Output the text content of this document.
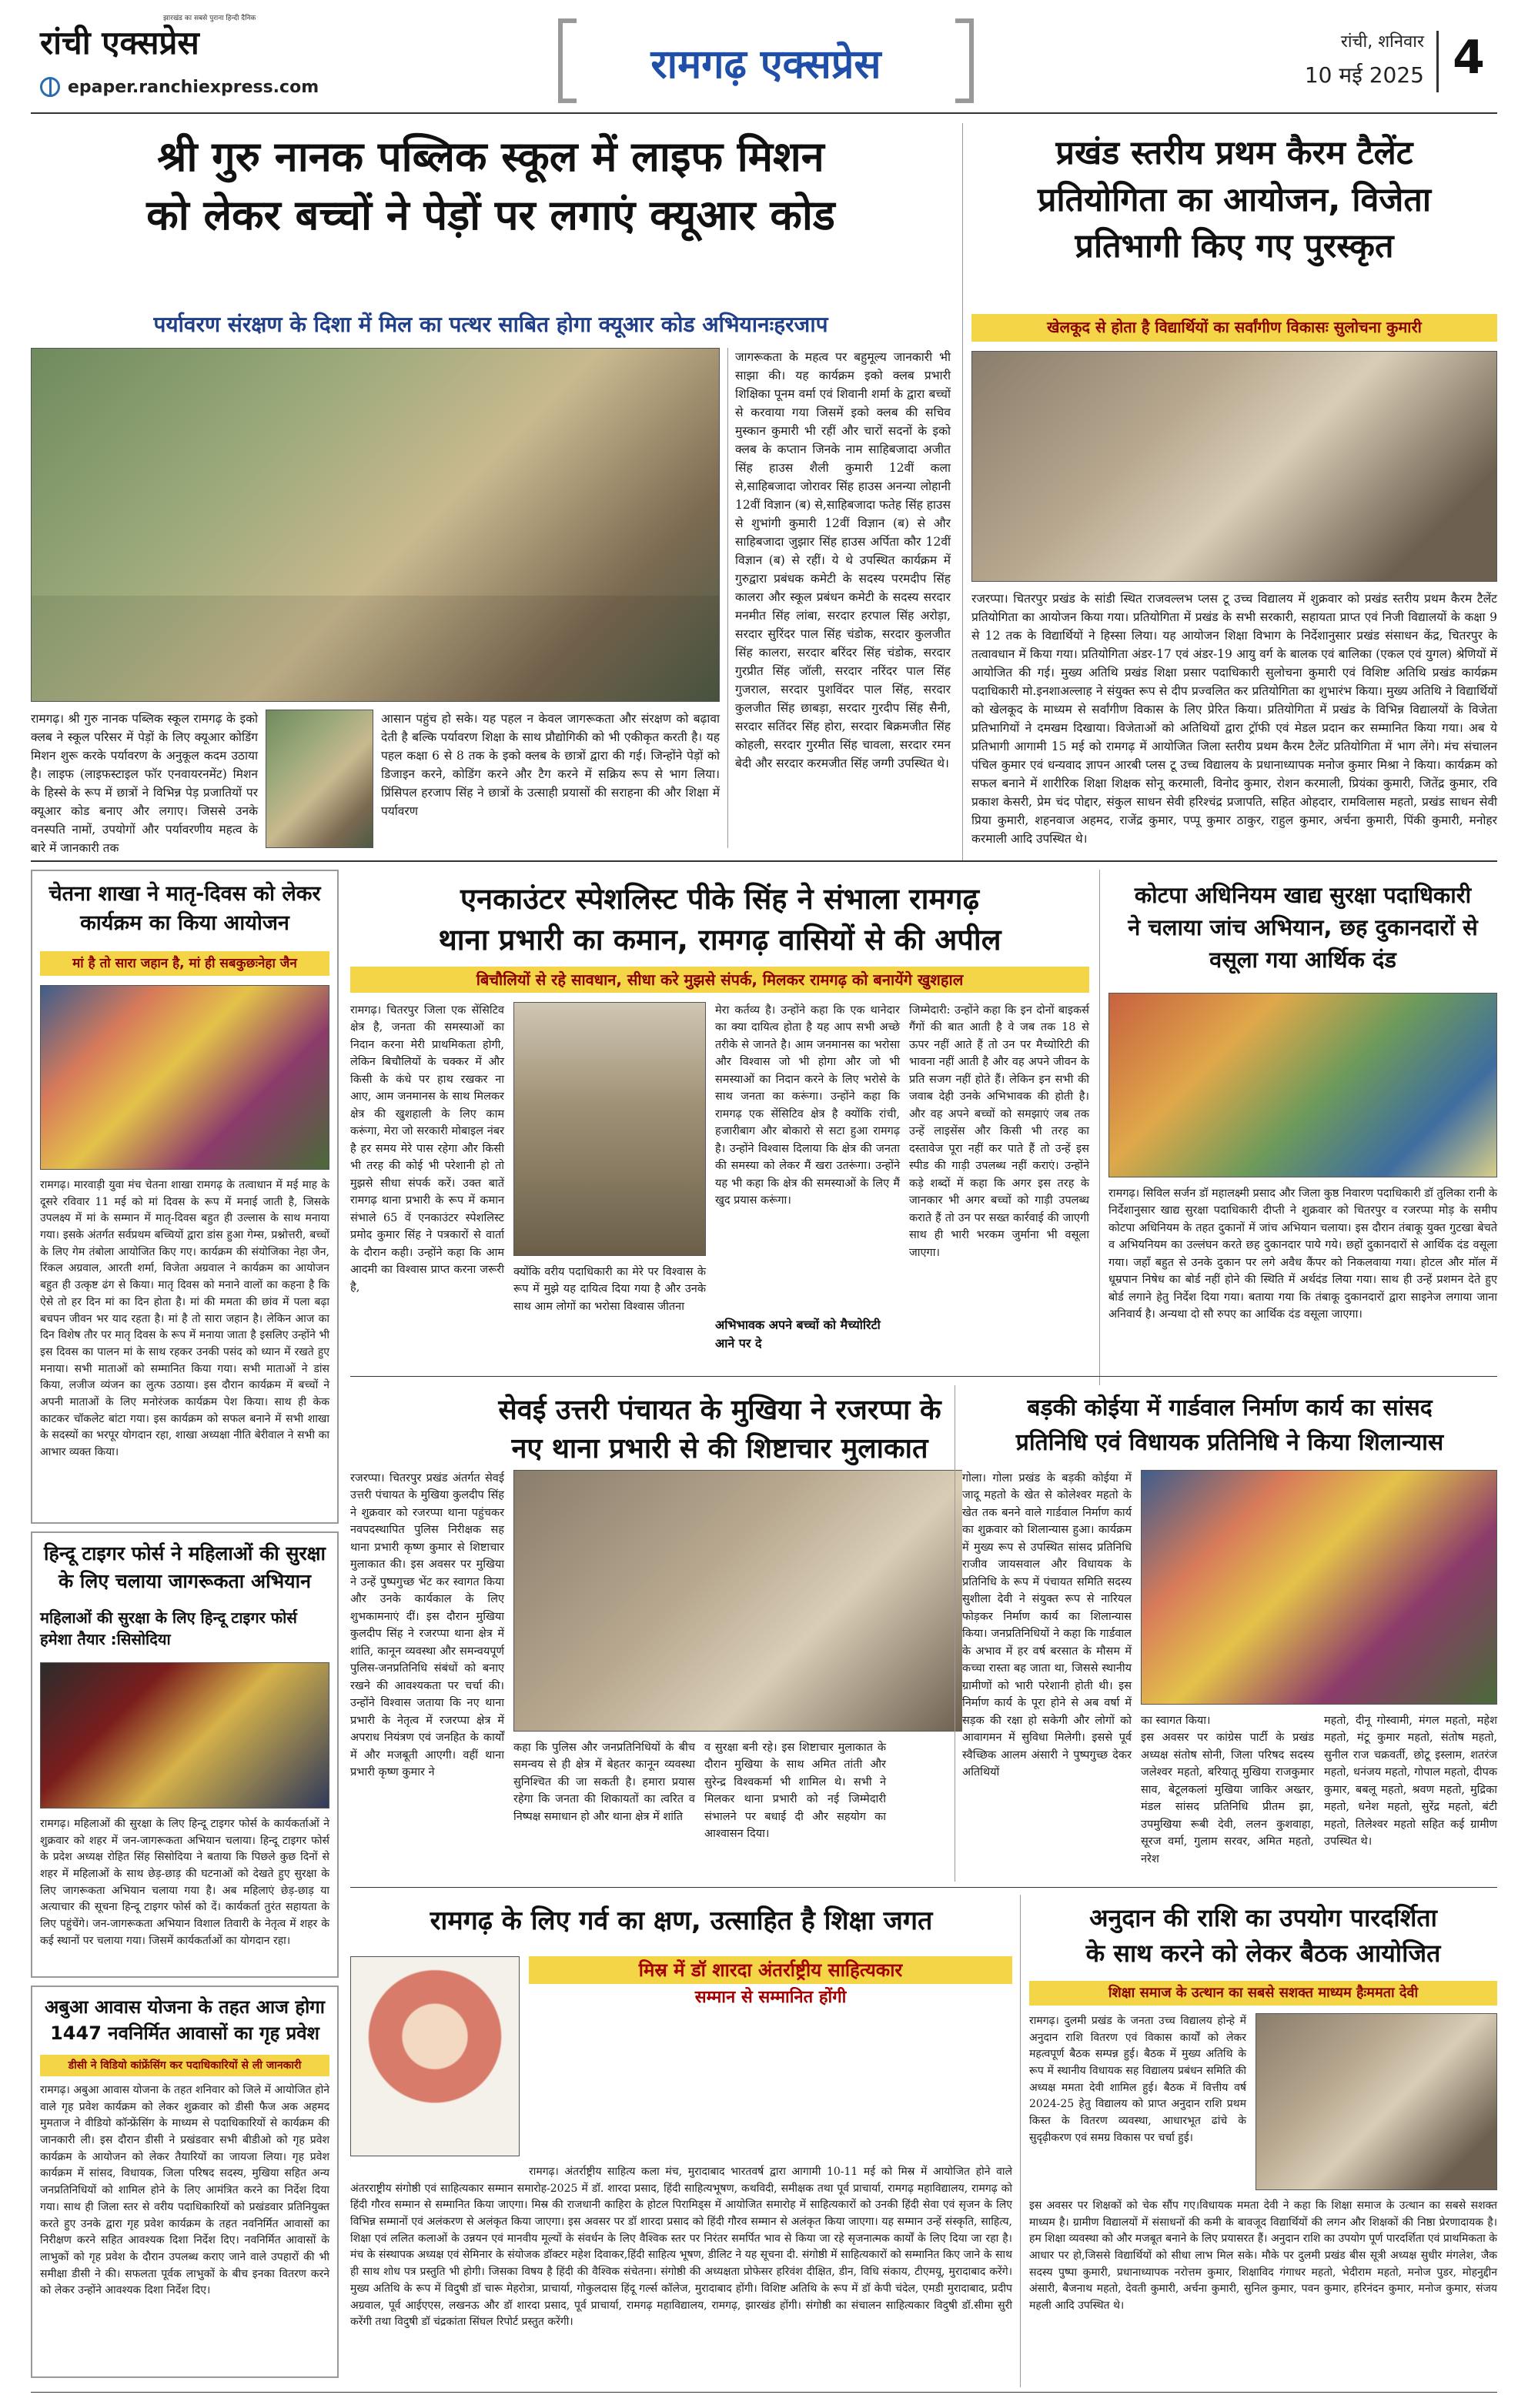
रांची एक्सप्रेस
झारखंड का सबसे पुराना हिन्दी दैनिक
epaper.ranchiexpress.com	रामगढ़ एक्सप्रेस	रांची, शनिवार
10 मई 2025 4
श्री गुरु नानक पब्लिक स्कूल में लाइफ मिशन
को लेकर बच्चों ने पेड़ों पर लगाएं क्यूआर कोड
पर्यावरण संरक्षण के दिशा में मिल का पत्थर साबित होगा क्यूआर कोड अभियानःहरजाप
रामगढ़। श्री गुरु नानक पब्लिक स्कूल रामगढ़ के इको क्लब ने स्कूल परिसर में पेड़ों के लिए क्यूआर कोडिंग मिशन शुरू करके पर्यावरण के अनुकूल कदम उठाया है। लाइफ (लाइफस्टाइल फॉर एनवायरनमेंट) मिशन के हिस्से के रूप में छात्रों ने विभिन्न पेड़ प्रजातियों पर क्यूआर कोड बनाए और लगाए। जिससे उनके वनस्पति नामों, उपयोगों और पर्यावरणीय महत्व के बारे में जानकारी तक
आसान पहुंच हो सके। यह पहल न केवल जागरूकता और संरक्षण को बढ़ावा देती है बल्कि पर्यावरण शिक्षा के साथ प्रौद्योगिकी को भी एकीकृत करती है। यह पहल कक्षा 6 से 8 तक के इको क्लब के छात्रों द्वारा की गई। जिन्होंने पेड़ों को डिजाइन करने, कोडिंग करने और टैग करने में सक्रिय रूप से भाग लिया। प्रिंसिपल हरजाप सिंह ने छात्रों के उत्साही प्रयासों की सराहना की और शिक्षा में पर्यावरण
जागरूकता के महत्व पर बहुमूल्य जानकारी भी साझा की। यह कार्यक्रम इको क्लब प्रभारी शिक्षिका पूनम वर्मा एवं शिवानी शर्मा के द्वारा बच्चों से करवाया गया जिसमें इको क्लब की सचिव मुस्कान कुमारी भी रहीं और चारों सदनों के इको क्लब के कप्तान जिनके नाम साहिबजादा अजीत सिंह हाउस शैली कुमारी 12वीं कला से,साहिबजादा जोरावर सिंह हाउस अनन्या लोहानी 12वीं विज्ञान (ब) से,साहिबजादा फतेह सिंह हाउस से शुभांगी कुमारी 12वीं विज्ञान (ब) से और साहिबजादा जुझार सिंह हाउस अर्पिता कौर 12वीं विज्ञान (ब) से रहीं। ये थे उपस्थित कार्यक्रम में गुरुद्वारा प्रबंधक कमेटी के सदस्य परमदीप सिंह कालरा और स्कूल प्रबंधन कमेटी के सदस्य सरदार मनमीत सिंह लांबा, सरदार हरपाल सिंह अरोड़ा, सरदार सुरिंदर पाल सिंह चंडोक, सरदार कुलजीत सिंह कालरा, सरदार बरिंदर सिंह चंडोक, सरदार गुरप्रीत सिंह जॉली, सरदार नरिंदर पाल सिंह गुजराल, सरदार पुशविंदर पाल सिंह, सरदार कुलजीत सिंह छाबड़ा, सरदार गुरदीप सिंह सैनी, सरदार सतिंदर सिंह होरा, सरदार बिक्रमजीत सिंह कोहली, सरदार गुरमीत सिंह चावला, सरदार रमन बेदी और सरदार करमजीत सिंह जग्गी उपस्थित थे।
प्रखंड स्तरीय प्रथम कैरम टैलेंट
प्रतियोगिता का आयोजन, विजेता
प्रतिभागी किए गए पुरस्कृत
खेलकूद से होता है विद्यार्थियों का सर्वांगीण विकासः सुलोचना कुमारी
रजरप्पा। चितरपुर प्रखंड के सांडी स्थित राजवल्लभ प्लस टू उच्च विद्यालय में शुक्रवार को प्रखंड स्तरीय प्रथम कैरम टैलेंट प्रतियोगिता का आयोजन किया गया। प्रतियोगिता में प्रखंड के सभी सरकारी, सहायता प्राप्त एवं निजी विद्यालयों के कक्षा 9 से 12 तक के विद्यार्थियों ने हिस्सा लिया। यह आयोजन शिक्षा विभाग के निर्देशानुसार प्रखंड संसाधन केंद्र, चितरपुर के तत्वावधान में किया गया। प्रतियोगिता अंडर-17 एवं अंडर-19 आयु वर्ग के बालक एवं बालिका (एकल एवं युगल) श्रेणियों में आयोजित की गई। मुख्य अतिथि प्रखंड शिक्षा प्रसार पदाधिकारी सुलोचना कुमारी एवं विशिष्ट अतिथि प्रखंड कार्यक्रम पदाधिकारी मो.इनशाअल्लाह ने संयुक्त रूप से दीप प्रज्वलित कर प्रतियोगिता का शुभारंभ किया। मुख्य अतिथि ने विद्यार्थियों को खेलकूद के माध्यम से सर्वांगीण विकास के लिए प्रेरित किया। प्रतियोगिता में प्रखंड के विभिन्न विद्यालयों के विजेता प्रतिभागियों ने दमखम दिखाया। विजेताओं को अतिथियों द्वारा ट्रॉफी एवं मेडल प्रदान कर सम्मानित किया गया। अब ये प्रतिभागी आगामी 15 मई को रामगढ़ में आयोजित जिला स्तरीय प्रथम कैरम टैलेंट प्रतियोगिता में भाग लेंगे। मंच संचालन पंचिल कुमार एवं धन्यवाद ज्ञापन आरबी प्लस टू उच्च विद्यालय के प्रधानाध्यापक मनोज कुमार मिश्रा ने किया। कार्यक्रम को सफल बनाने में शारीरिक शिक्षा शिक्षक सोनू करमाली, विनोद कुमार, रोशन करमाली, प्रियंका कुमारी, जितेंद्र कुमार, रवि प्रकाश केसरी, प्रेम चंद पोद्दार, संकुल साधन सेवी हरिश्चंद्र प्रजापति, सहित ओहदार, रामविलास महतो, प्रखंड साधन सेवी प्रिया कुमारी, शहनवाज अहमद, राजेंद्र कुमार, पप्पू कुमार ठाकुर, राहुल कुमार, अर्चना कुमारी, पिंकी कुमारी, मनोहर करमाली आदि उपस्थित थे।
चेतना शाखा ने मातृ-दिवस को लेकर
कार्यक्रम का किया आयोजन
मां है तो सारा जहान है, मां ही सबकुछःनेहा जैन
रामगढ़। मारवाड़ी युवा मंच चेतना शाखा रामगढ़ के तत्वाधान में मई माह के दूसरे रविवार 11 मई को मां दिवस के रूप में मनाई जाती है, जिसके उपलक्ष्य में मां के सम्मान में मातृ-दिवस बहुत ही उल्लास के साथ मनाया गया। इसके अंतर्गत सर्वप्रथम बच्चियों द्वारा डांस हुआ गेम्स, प्रश्नोत्तरी, बच्चों के लिए गेम तंबोला आयोजित किए गए। कार्यक्रम की संयोजिका नेहा जैन, रिंकल अग्रवाल, आरती शर्मा, विजेता अग्रवाल ने कार्यक्रम का आयोजन बहुत ही उत्कृष्ट ढंग से किया। मातृ दिवस को मनाने वालों का कहना है कि ऐसे तो हर दिन मां का दिन होता है। मां की ममता की छांव में पला बढ़ा बचपन जीवन भर याद रहता है। मां है तो सारा जहान है। लेकिन आज का दिन विशेष तौर पर मातृ दिवस के रूप में मनाया जाता है इसलिए उन्होंने भी इस दिवस का पालन मां के साथ रहकर उनकी पसंद को ध्यान में रखते हुए मनाया। सभी माताओं को सम्मानित किया गया। सभी माताओं ने डांस किया, लजीज व्यंजन का लुत्फ उठाया। इस दौरान कार्यक्रम में बच्चों ने अपनी माताओं के लिए मनोरंजक कार्यक्रम पेश किया। साथ ही केक काटकर चॉकलेट बांटा गया। इस कार्यक्रम को सफल बनाने में सभी शाखा के सदस्यों का भरपूर योगदान रहा, शाखा अध्यक्षा नीति बेरीवाल ने सभी का आभार व्यक्त किया।
हिन्दू टाइगर फोर्स ने महिलाओं की सुरक्षा
के लिए चलाया जागरूकता अभियान
महिलाओं की सुरक्षा के लिए हिन्दू टाइगर फोर्स
हमेशा तैयार :सिसोदिया
रामगढ़। महिलाओं की सुरक्षा के लिए हिन्दू टाइगर फोर्स के कार्यकर्ताओं ने शुक्रवार को शहर में जन-जागरूकता अभियान चलाया। हिन्दू टाइगर फोर्स के प्रदेश अध्यक्ष रोहित सिंह सिसोदिया ने बताया कि पिछले कुछ दिनों से शहर में महिलाओं के साथ छेड़-छाड़ की घटनाओं को देखते हुए सुरक्षा के लिए जागरूकता अभियान चलाया गया है। अब महिलाएं छेड़-छाड़ या अत्याचार की सूचना हिन्दू टाइगर फोर्स को दें। कार्यकर्ता तुरंत सहायता के लिए पहुंचेंगे। जन-जागरूकता अभियान विशाल तिवारी के नेतृत्व में शहर के कई स्थानों पर चलाया गया। जिसमें कार्यकर्ताओं का योगदान रहा।
अबुआ आवास योजना के तहत आज होगा
1447 नवनिर्मित आवासों का गृह प्रवेश
डीसी ने विडियो कांफ्रेंसिंग कर पदाधिकारियों से ली जानकारी
रामगढ़। अबुआ आवास योजना के तहत शनिवार को जिले में आयोजित होने वाले गृह प्रवेश कार्यक्रम को लेकर शुक्रवार को डीसी फैज अक अहमद मुमताज ने वीडियो कॉन्फ्रेंसिंग के माध्यम से पदाधिकारियों से कार्यक्रम की जानकारी ली। इस दौरान डीसी ने प्रखंडवार सभी बीडीओ को गृह प्रवेश कार्यक्रम के आयोजन को लेकर तैयारियों का जायजा लिया। गृह प्रवेश कार्यक्रम में सांसद, विधायक, जिला परिषद सदस्य, मुखिया सहित अन्य जनप्रतिनिधियों को शामिल होने के लिए आमंत्रित करने का निर्देश दिया गया। साथ ही जिला स्तर से वरीय पदाधिकारियों को प्रखंडवार प्रतिनियुक्त करते हुए उनके द्वारा गृह प्रवेश कार्यक्रम के तहत नवनिर्मित आवासों का निरीक्षण करने सहित आवश्यक दिशा निर्देश दिए। नवनिर्मित आवासों के लाभुकों को गृह प्रवेश के दौरान उपलब्ध कराए जाने वाले उपहारों की भी समीक्षा डीसी ने की। सफलता पूर्वक लाभुकों के बीच इनका वितरण करने को लेकर उन्होंने आवश्यक दिशा निर्देश दिए।
एनकाउंटर स्पेशलिस्ट पीके सिंह ने संभाला रामगढ़
थाना प्रभारी का कमान, रामगढ़ वासियों से की अपील
बिचौलियों से रहे सावधान, सीधा करे मुझसे संपर्क, मिलकर रामगढ़ को बनायेंगे खुशहाल
रामगढ़। चितरपुर जिला एक सेंसिटिव क्षेत्र है, जनता की समस्याओं का निदान करना मेरी प्राथमिकता होगी, लेकिन बिचौलियों के चक्कर में और किसी के कंधे पर हाथ रखकर ना आए, आम जनमानस के साथ मिलकर क्षेत्र की खुशहाली के लिए काम करूंगा, मेरा जो सरकारी मोबाइल नंबर है हर समय मेरे पास रहेगा और किसी भी तरह की कोई भी परेशानी हो तो मुझसे सीधा संपर्क करें। उक्त बातें रामगढ़ थाना प्रभारी के रूप में कमान संभाले 65 वें एनकाउंटर स्पेशलिस्ट प्रमोद कुमार सिंह ने पत्रकारों से वार्ता के दौरान कही। उन्होंने कहा कि आम आदमी का विश्वास प्राप्त करना जरूरी है,
क्योंकि वरीय पदाधिकारी का मेरे पर विश्वास के रूप में मुझे यह दायित्व दिया गया है और उनके साथ आम लोगों का भरोसा विश्वास जीतना
मेरा कर्तव्य है। उन्होंने कहा कि एक थानेदार का क्या दायित्व होता है यह आप सभी अच्छे तरीके से जानते है। आम जनमानस का भरोसा और विश्वास जो भी होगा और जो भी समस्याओं का निदान करने के लिए भरोसे के साथ जनता का करूंगा। उन्होंने कहा कि रामगढ़ एक सेंसिटिव क्षेत्र है क्योंकि रांची, हजारीबाग और बोकारो से सटा हुआ रामगढ़ है। उन्होंने विश्वास दिलाया कि क्षेत्र की जनता की समस्या को लेकर मैं खरा उतरूंगा। उन्होंने यह भी कहा कि क्षेत्र की समस्याओं के लिए मैं खुद प्रयास करूंगा।
अभिभावक अपने बच्चों को मैच्योरिटी आने पर दे
जिम्मेदारी: उन्होंने कहा कि इन दोनों बाइकर्स गैंगों की बात आती है वे जब तक 18 से ऊपर नहीं आते हैं तो उन पर मैच्योरिटी की भावना नहीं आती है और वह अपने जीवन के प्रति सजग नहीं होते हैं। लेकिन इन सभी की जवाब देही उनके अभिभावक की होती है। और वह अपने बच्चों को समझाएं जब तक उन्हें लाइसेंस और किसी भी तरह का दस्तावेज पूरा नहीं कर पाते हैं तो उन्हें इस स्पीड की गाड़ी उपलब्ध नहीं कराएं। उन्होंने कड़े शब्दों में कहा कि अगर इस तरह के जानकार भी अगर बच्चों को गाड़ी उपलब्ध कराते हैं तो उन पर सख्त कार्रवाई की जाएगी साथ ही भारी भरकम जुर्माना भी वसूला जाएगा।
कोटपा अधिनियम खाद्य सुरक्षा पदाधिकारी
ने चलाया जांच अभियान, छह दुकानदारों से
वसूला गया आर्थिक दंड
रामगढ़। सिविल सर्जन डॉ महालक्ष्मी प्रसाद और जिला कुष्ठ निवारण पदाधिकारी डॉ तुलिका रानी के निर्देशानुसार खाद्य सुरक्षा पदाधिकारी दीप्ती ने शुक्रवार को चितरपुर व रजरप्पा मोड़ के समीप कोटपा अधिनियम के तहत दुकानों में जांच अभियान चलाया। इस दौरान तंबाकू युक्त गुटखा बेचते व अभियनियम का उल्लंघन करते छह दुकानदार पाये गये। छहों दुकानदारों से आर्थिक दंड वसूला गया। जहाँ बहुत से उनके दुकान पर लगे अवैध कैंपर को निकलवाया गया। होटल और मॉल में धूम्रपान निषेध का बोर्ड नहीं होने की स्थिति में अर्थदंड लिया गया। साथ ही उन्हें प्रशमन देते हुए बोर्ड लगाने हेतु निर्देश दिया गया। बताया गया कि तंबाकू दुकानदारों द्वारा साइनेज लगाया जाना अनिवार्य है। अन्यथा दो सौ रुपए का आर्थिक दंड वसूला जाएगा।
सेवई उत्तरी पंचायत के मुखिया ने रजरप्पा के
नए थाना प्रभारी से की शिष्टाचार मुलाकात
रजरप्पा। चितरपुर प्रखंड अंतर्गत सेवई उत्तरी पंचायत के मुखिया कुलदीप सिंह ने शुक्रवार को रजरप्पा थाना पहुंचकर नवपदस्थापित पुलिस निरीक्षक सह थाना प्रभारी कृष्ण कुमार से शिष्टाचार मुलाकात की। इस अवसर पर मुखिया ने उन्हें पुष्पगुच्छ भेंट कर स्वागत किया और उनके कार्यकाल के लिए शुभकामनाएं दीं। इस दौरान मुखिया कुलदीप सिंह ने रजरप्पा थाना क्षेत्र में शांति, कानून व्यवस्था और समन्वयपूर्ण पुलिस-जनप्रतिनिधि संबंधों को बनाए रखने की आवश्यकता पर चर्चा की। उन्होंने विश्वास जताया कि नए थाना प्रभारी के नेतृत्व में रजरप्पा क्षेत्र में अपराध नियंत्रण एवं जनहित के कार्यों में और मजबूती आएगी। वहीं थाना प्रभारी कृष्ण कुमार ने
कहा कि पुलिस और जनप्रतिनिधियों के बीच समन्वय से ही क्षेत्र में बेहतर कानून व्यवस्था सुनिश्चित की जा सकती है। हमारा प्रयास रहेगा कि जनता की शिकायतों का त्वरित व निष्पक्ष समाधान हो और थाना क्षेत्र में शांति
व सुरक्षा बनी रहे। इस शिष्टाचार मुलाकात के दौरान मुखिया के साथ अमित तांती और सुरेन्द्र विश्वकर्मा भी शामिल थे। सभी ने मिलकर थाना प्रभारी को नई जिम्मेदारी संभालने पर बधाई दी और सहयोग का आश्वासन दिया।
बड़की कोईया में गार्डवाल निर्माण कार्य का सांसद
प्रतिनिधि एवं विधायक प्रतिनिधि ने किया शिलान्यास
गोला। गोला प्रखंड के बड़की कोईया में जादू महतो के खेत से कोलेश्वर महतो के खेत तक बनने वाले गार्डवाल निर्माण कार्य का शुक्रवार को शिलान्यास हुआ। कार्यक्रम में मुख्य रूप से उपस्थित सांसद प्रतिनिधि राजीव जायसवाल और विधायक के प्रतिनिधि के रूप में पंचायत समिति सदस्य सुशीला देवी ने संयुक्त रूप से नारियल फोड़कर निर्माण कार्य का शिलान्यास किया। जनप्रतिनिधियों ने कहा कि गार्डवाल के अभाव में हर वर्ष बरसात के मौसम में कच्चा रास्ता बह जाता था, जिससे स्थानीय ग्रामीणों को भारी परेशानी होती थी। इस निर्माण कार्य के पूरा होने से अब वर्षा में सड़क की रक्षा हो सकेगी और लोगों को आवागमन में सुविधा मिलेगी। इससे पूर्व स्वैच्छिक आलम अंसारी ने पुष्पगुच्छ देकर अतिथियों
का स्वागत किया।
इस अवसर पर कांग्रेस पार्टी के प्रखंड अध्यक्ष संतोष सोनी, जिला परिषद सदस्य जलेश्वर महतो, बरियातू मुखिया राजकुमार साव, बेटूलकलां मुखिया जाकिर अख्तर, मंडल सांसद प्रतिनिधि प्रीतम झा, उपमुखिया रूबी देवी, ललन कुशवाहा, सूरज वर्मा, गुलाम सरवर, अमित महतो, नरेश
महतो, दीनू गोस्वामी, मंगल महतो, महेश महतो, मंटू कुमार महतो, संतोष महतो, सुनील राज चक्रवर्ती, छोटू इस्लाम, शतरंज महतो, धनंजय महतो, गोपाल महतो, दीपक कुमार, बबलू महतो, श्रवण महतो, मुद्रिका महतो, धनेश महतो, सुरेंद्र महतो, बंटी महतो, तिलेश्वर महतो सहित कई ग्रामीण उपस्थित थे।
रामगढ़ के लिए गर्व का क्षण, उत्साहित है शिक्षा जगत
मिस्र में डॉ शारदा अंतर्राष्ट्रीय साहित्यकार
सम्मान से सम्मानित होंगी
रामगढ़। अंतर्राष्ट्रीय साहित्य कला मंच, मुरादाबाद भारतवर्ष द्वारा आगामी 10-11 मई को मिस्र में आयोजित होने वाले अंतरराष्ट्रीय संगोष्ठी एवं साहित्यकार सम्मान समारोह-2025 में डॉ. शारदा प्रसाद, हिंदी साहित्यभूषण, कथविदी, समीक्षक तथा पूर्व प्राचार्या, रामगढ़ महाविद्यालय, रामगढ़ को हिंदी गौरव सम्मान से सम्मानित किया जाएगा। मिस्र की राजधानी काहिरा के होटल पिरामिड्स में आयोजित समारोह में साहित्यकारों को उनकी हिंदी सेवा एवं सृजन के लिए विभिन्न सम्मानों एवं अलंकरण से अलंकृत किया जाएगा। इस अवसर पर डॉ शारदा प्रसाद को हिंदी गौरव सम्मान से अलंकृत किया जाएगा। यह सम्मान उन्हें संस्कृति, साहित्य, शिक्षा एवं ललित कलाओं के उन्नयन एवं मानवीय मूल्यों के संवर्धन के लिए वैश्विक स्तर पर निरंतर समर्पित भाव से किया जा रहे सृजनात्मक कार्यों के लिए दिया जा रहा है। मंच के संस्थापक अध्यक्ष एवं सेमिनार के संयोजक डॉक्टर महेश दिवाकर,हिंदी साहित्य भूषण, डीलिट ने यह सूचना दी. संगोष्ठी में साहित्यकारों को सम्मानित किए जाने के साथ ही साथ शोध पत्र प्रस्तुति भी होगी। जिसका विषय है हिंदी की वैश्विक संचेतना। संगोष्ठी की अध्यक्षता प्रोफेसर हरिवंश दीक्षित, डीन, विधि संकाय, टीएमयू, मुरादाबाद करेंगे। मुख्य अतिथि के रूप में विदुषी डॉ चारू मेहरोत्रा, प्राचार्या, गोकुलदास हिंदू गर्ल्स कॉलेज, मुरादाबाद होंगी। विशिष्ट अतिथि के रूप में डॉ केपी चंदेल, एमडी मुरादाबाद, प्रदीप अग्रवाल, पूर्व आईएएस, लखनऊ और डॉ शारदा प्रसाद, पूर्व प्राचार्या, रामगढ़ महाविद्यालय, रामगढ़, झारखंड होंगी। संगोष्ठी का संचालन साहित्यकार विदुषी डॉ.सीमा सुरी करेंगी तथा विदुषी डॉ चंद्रकांता सिंघल रिपोर्ट प्रस्तुत करेंगी।
अनुदान की राशि का उपयोग पारदर्शिता
के साथ करने को लेकर बैठक आयोजित
शिक्षा समाज के उत्थान का सबसे सशक्त माध्यम हैःममता देवी
रामगढ़। दुलमी प्रखंड के जनता उच्च विद्यालय होन्हे में अनुदान राशि वितरण एवं विकास कार्यों को लेकर महत्वपूर्ण बैठक सम्पन्न हुई। बैठक में मुख्य अतिथि के रूप में स्थानीय विधायक सह विद्यालय प्रबंधन समिति की अध्यक्ष ममता देवी शामिल हुई। बैठक में वित्तीय वर्ष 2024-25 हेतु विद्यालय को प्राप्त अनुदान राशि प्रथम किस्त के वितरण व्यवस्था, आधारभूत ढांचे के सुदृढ़ीकरण एवं समग्र विकास पर चर्चा हुई।
इस अवसर पर शिक्षकों को चेक सौंप गए।विधायक ममता देवी ने कहा कि शिक्षा समाज के उत्थान का सबसे सशक्त माध्यम है। ग्रामीण विद्यालयों में संसाधनों की कमी के बावजूद विद्यार्थियों की लगन और शिक्षकों की निष्ठा प्रेरणादायक है। हम शिक्षा व्यवस्था को और मजबूत बनाने के लिए प्रयासरत हैं। अनुदान राशि का उपयोग पूर्ण पारदर्शिता एवं प्राथमिकता के आधार पर हो,जिससे विद्यार्थियों को सीधा लाभ मिल सके। मौके पर दुलमी प्रखंड बीस सूत्री अध्यक्ष सुधीर मंगलेश, जैक सदस्य पुष्पा कुमारी, प्रधानाध्यापक नरोत्तम कुमार, शिक्षाविद गंगाधर महतो, भेदीराम महतो, मनोज पुडर, मोहनुद्दीन अंसारी, बैजनाथ महतो, देवती कुमारी, अर्चना कुमारी, सुनिल कुमार, पवन कुमार, हरिनंदन कुमार, मनोज कुमार, संजय महली आदि उपस्थित थे।
